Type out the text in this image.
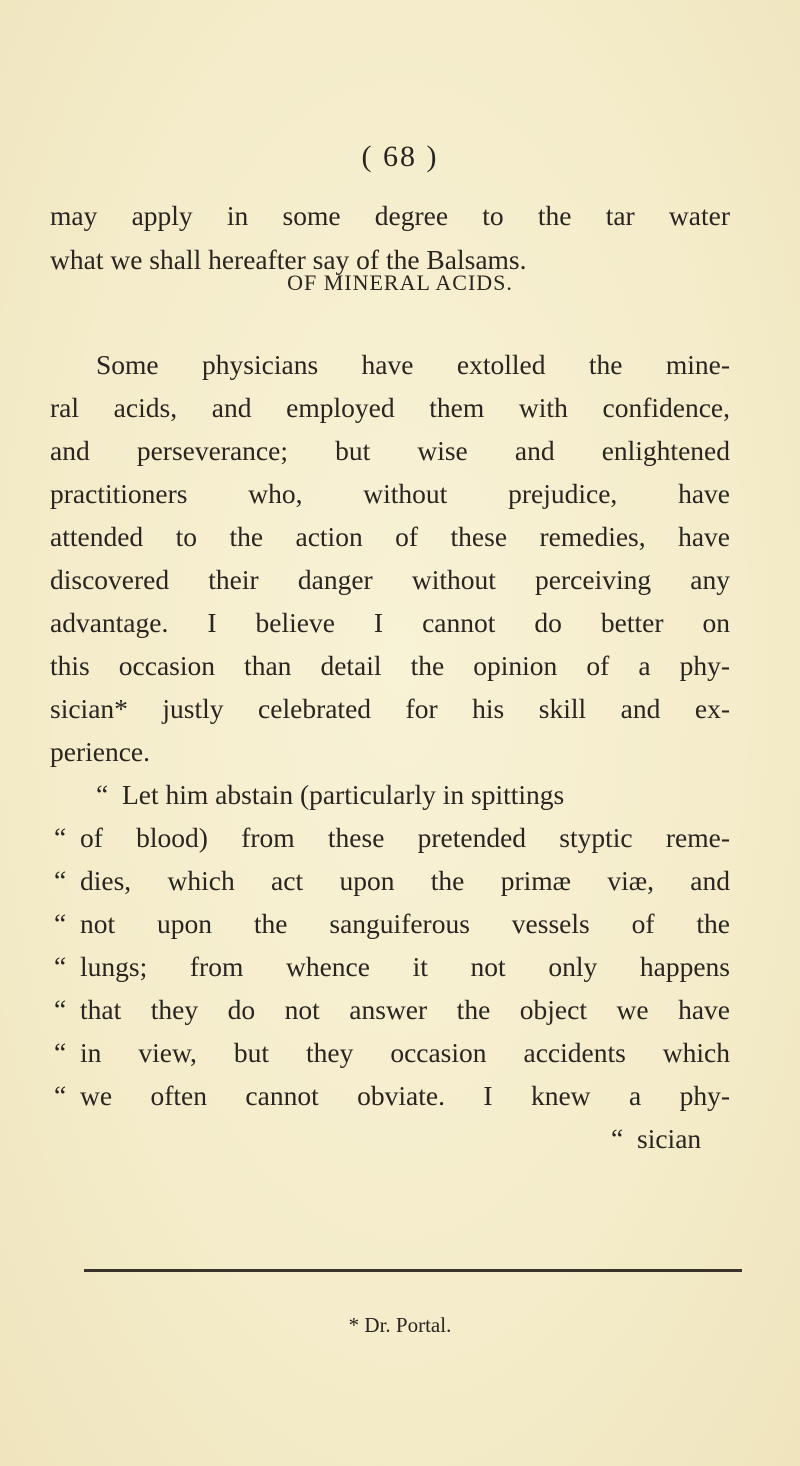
( 68 )
may apply in some degree to the tar water
what we shall hereafter say of the Balsams.
OF MINERAL ACIDS.
Some physicians have extolled the mine-
ral acids, and employed them with confidence,
and perseverance; but wise and enlightened
practitioners who, without prejudice, have
attended to the action of these remedies, have
discovered their danger without perceiving any
advantage. I believe I cannot do better on
this occasion than detail the opinion of a phy-
sician* justly celebrated for his skill and ex-
perience.
“ Let him abstain (particularly in spittings
“ of blood) from these pretended styptic reme-
“ dies, which act upon the primæ viæ, and
“ not upon the sanguiferous vessels of the
“ lungs; from whence it not only happens
“ that they do not answer the object we have
“ in view, but they occasion accidents which
“ we often cannot obviate. I knew a phy-
“ sician
* Dr. Portal.
